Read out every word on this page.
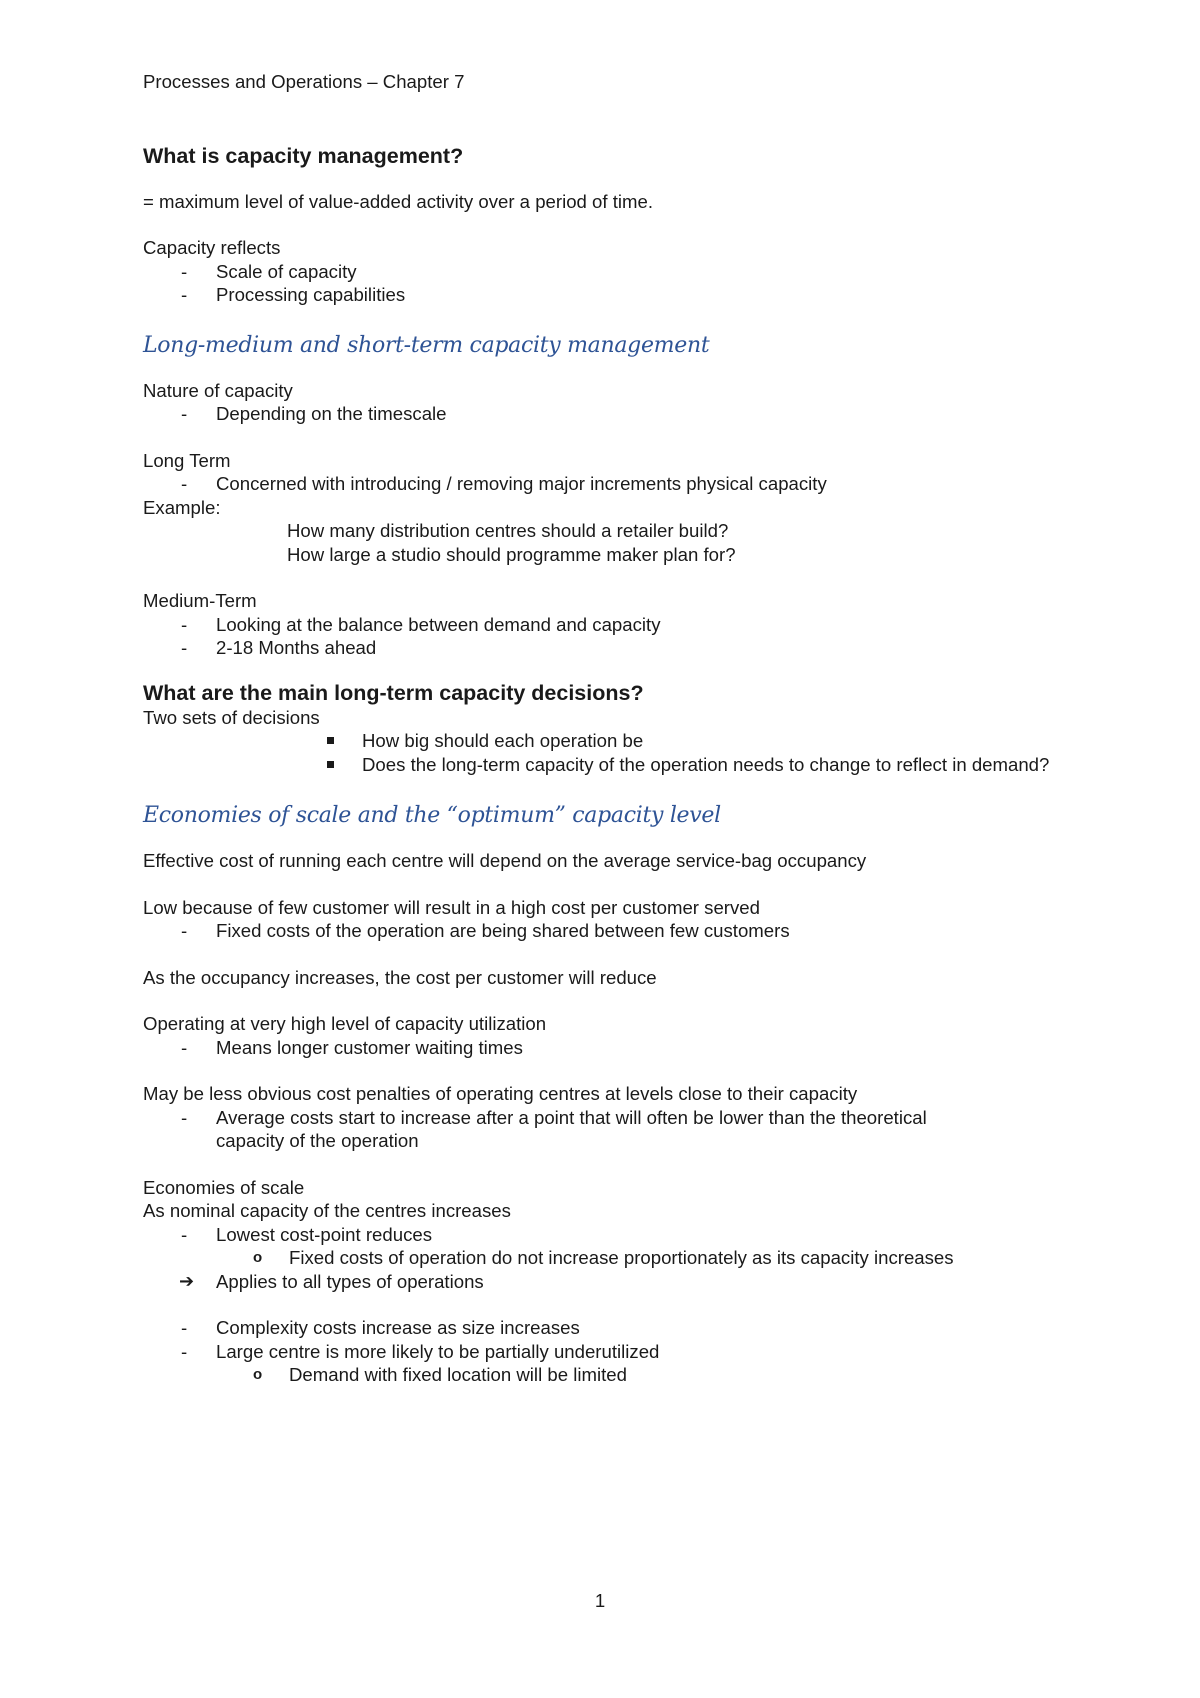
Processes and Operations – Chapter 7
What is capacity management?
= maximum level of value-added activity over a period of time.
Capacity reflects
- Scale of capacity
- Processing capabilities
Long-medium and short-term capacity management
Nature of capacity
- Depending on the timescale
Long Term
- Concerned with introducing / removing major increments physical capacity
Example:
How many distribution centres should a retailer build?
How large a studio should programme maker plan for?
Medium-Term
- Looking at the balance between demand and capacity
- 2-18 Months ahead
What are the main long-term capacity decisions?
Two sets of decisions
How big should each operation be
Does the long-term capacity of the operation needs to change to reflect in demand?
Economies of scale and the “optimum” capacity level
Effective cost of running each centre will depend on the average service-bag occupancy
Low because of few customer will result in a high cost per customer served
- Fixed costs of the operation are being shared between few customers
As the occupancy increases, the cost per customer will reduce
Operating at very high level of capacity utilization
- Means longer customer waiting times
May be less obvious cost penalties of operating centres at levels close to their capacity
- Average costs start to increase after a point that will often be lower than the theoretical capacity of the operation
Economies of scale
As nominal capacity of the centres increases
- Lowest cost-point reduces
o Fixed costs of operation do not increase proportionately as its capacity increases
➔ Applies to all types of operations
- Complexity costs increase as size increases
- Large centre is more likely to be partially underutilized
o Demand with fixed location will be limited
1
